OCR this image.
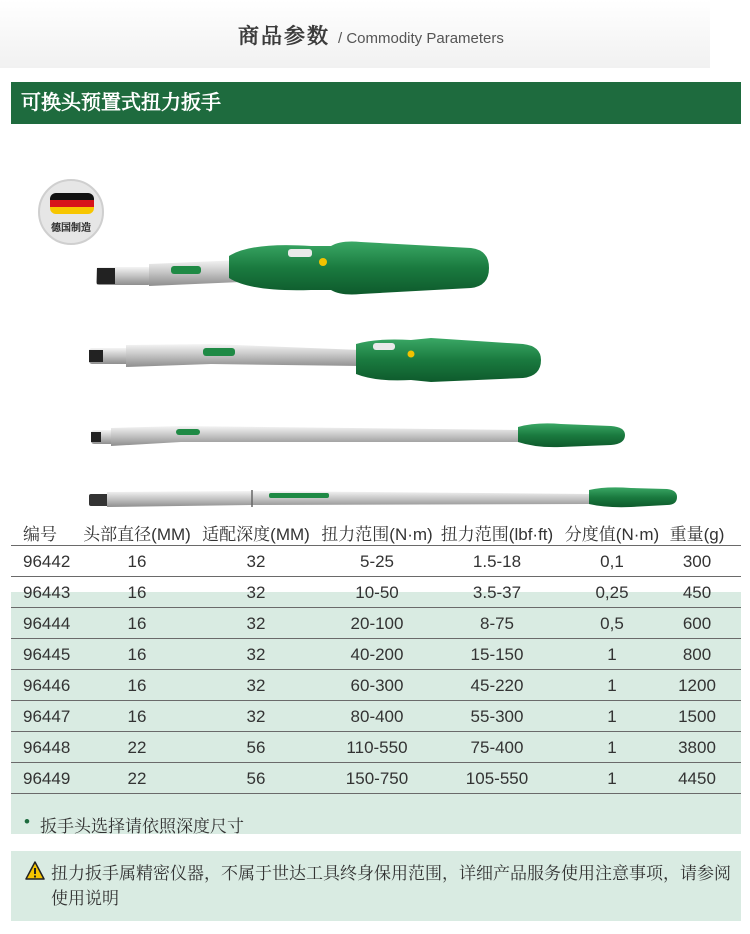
商品参数 / Commodity Parameters
可换头预置式扭力扳手
德国制造
编号 头部直径(MM) 适配深度(MM) 扭力范围(N·m) 扭力范围(lbf·ft) 分度值(N·m) 重量(g)
96442	16	32	5-25	1.5-18	0,1	300
96443	16	32	10-50	3.5-37	0,25	450
96444	16	32	20-100	8-75	0,5	600
96445	16	32	40-200	15-150	1	800
96446	16	32	60-300	45-220	1	1200
96447	16	32	80-400	55-300	1	1500
96448	22	56	110-550	75-400	1	3800
96449	22	56	150-750	105-550	1	4450
• 扳手头选择请依照深度尺寸
扭力扳手属精密仪器，不属于世达工具终身保用范围，详细产品服务使用注意事项，请参阅使用说明
